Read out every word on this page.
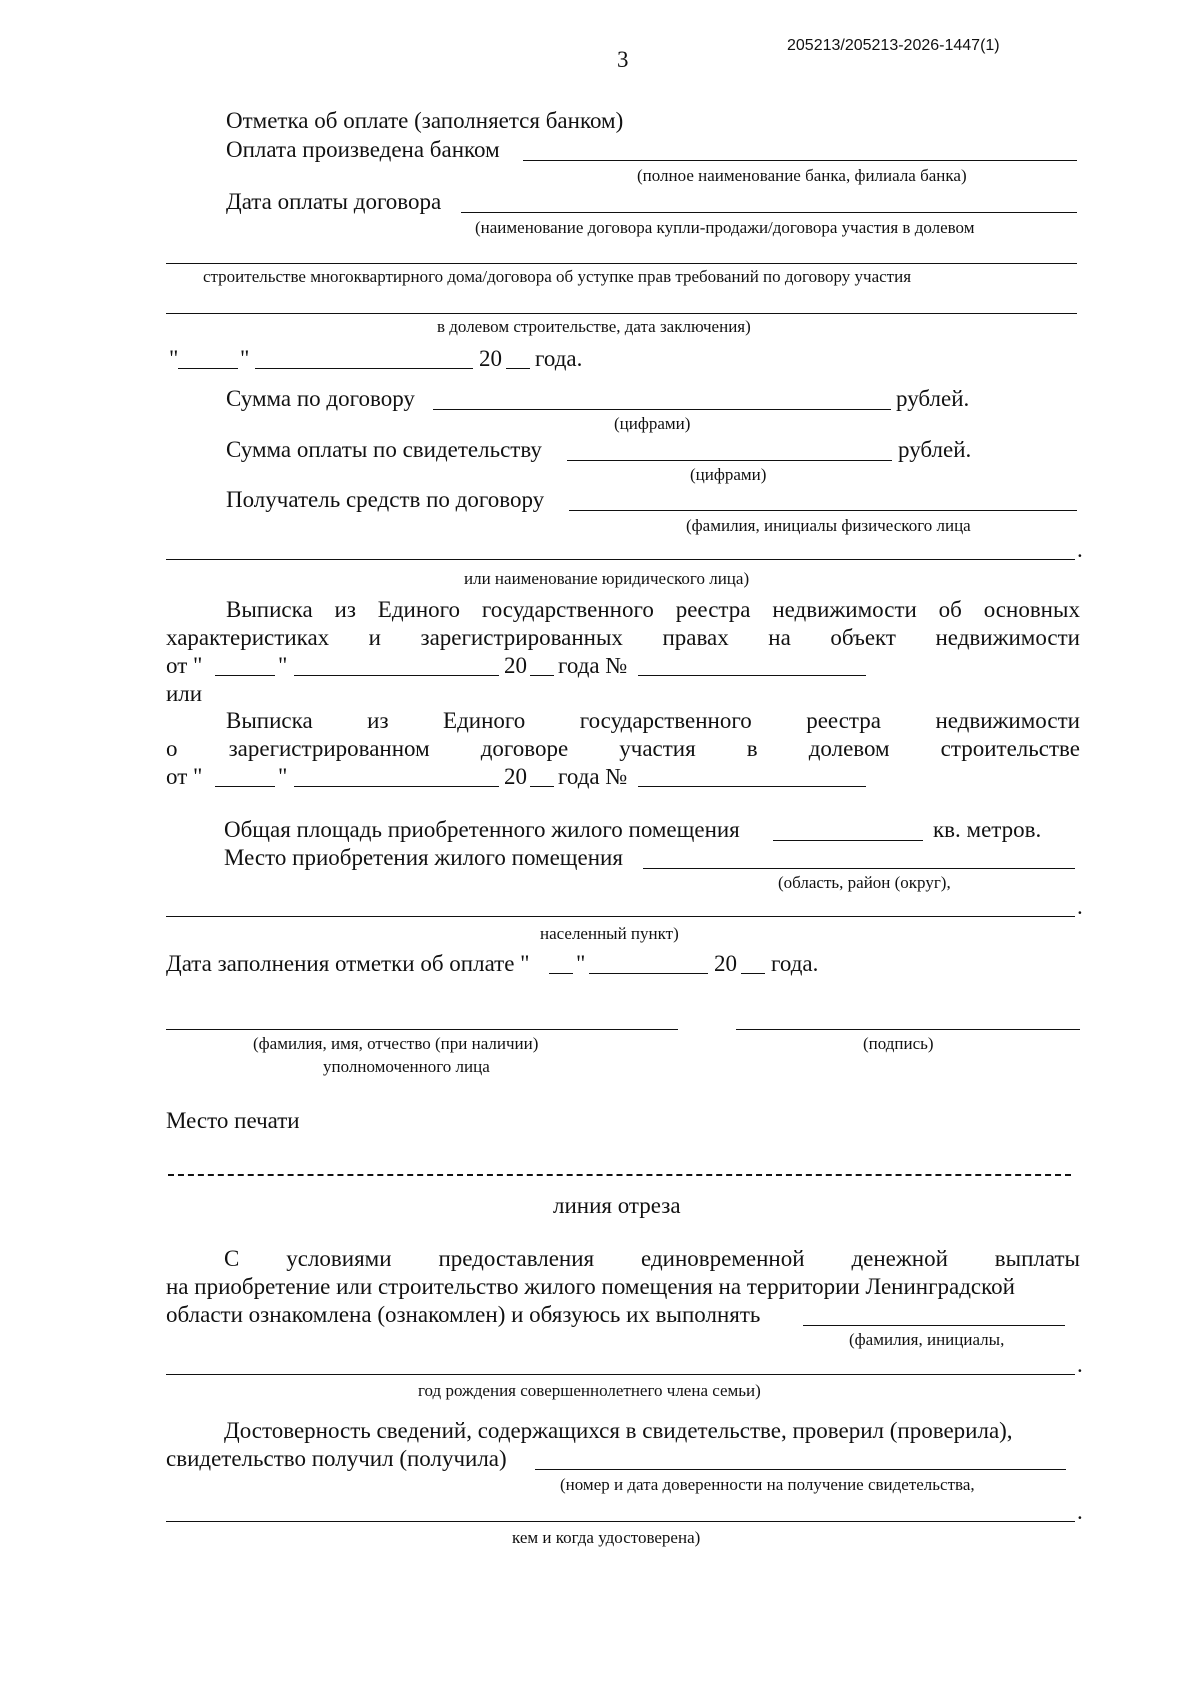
205213/205213-2026-1447(1)
3
Отметка об оплате (заполняется банком)
Оплата произведена банком
(полное наименование банка, филиала банка)
Дата оплаты договора
(наименование договора купли-продажи/договора участия в долевом
строительстве многоквартирного дома/договора об уступке прав требований по договору участия
в долевом строительстве, дата заключения)
"	"	20 года.
Сумма по договору	рублей.
(цифрами)
Сумма оплаты по свидетельству	рублей.
(цифрами)
Получатель средств по договору
(фамилия, инициалы физического лица
.
или наименование юридического лица)
Выписка из Единого государственного реестра недвижимости об основных
характеристиках и зарегистрированных правах на объект недвижимости
от "	"	20 года №
или
Выписка из Единого государственного реестра недвижимости
о зарегистрированном договоре участия в долевом строительстве
от "	"	20 года №
Общая площадь приобретенного жилого помещения	кв. метров.
Место приобретения жилого помещения
(область, район (округ),
.
населенный пункт)
Дата заполнения отметки об оплате " "	20 года.
(фамилия, имя, отчество (при наличии)
уполномоченного лица
(подпись)
Место печати
линия отреза
С условиями предоставления единовременной денежной выплаты
на приобретение или строительство жилого помещения на территории Ленинградской
области ознакомлена (ознакомлен) и обязуюсь их выполнять
(фамилия, инициалы,
.
год рождения совершеннолетнего члена семьи)
Достоверность сведений, содержащихся в свидетельстве, проверил (проверила),
свидетельство получил (получила)
(номер и дата доверенности на получение свидетельства,
.
кем и когда удостоверена)
